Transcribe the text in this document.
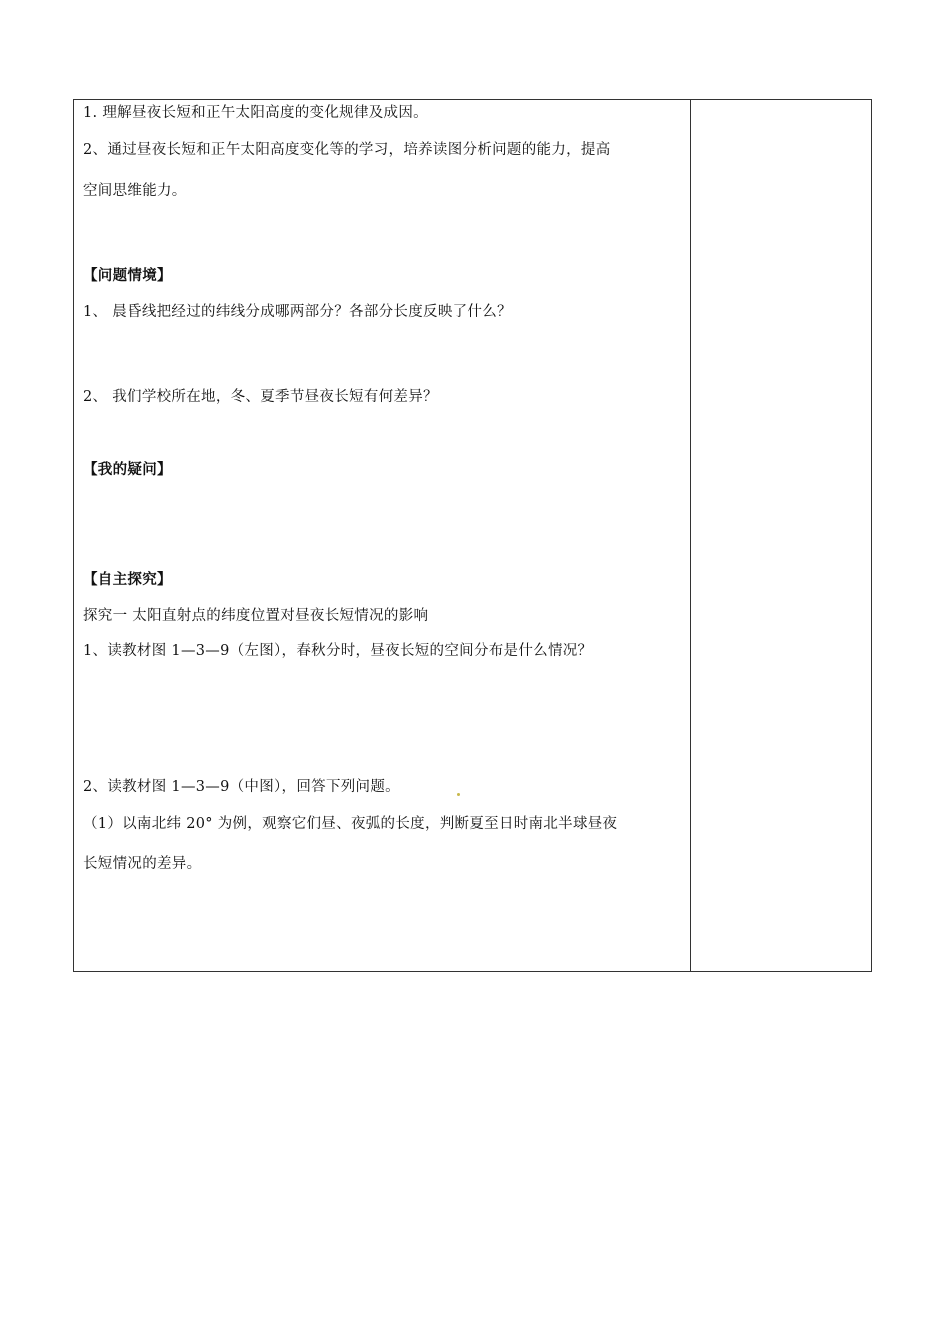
1. 理解昼夜长短和正午太阳高度的变化规律及成因。
2、通过昼夜长短和正午太阳高度变化等的学习，培养读图分析问题的能力，提高
空间思维能力。
【问题情境】
1、 晨昏线把经过的纬线分成哪两部分？各部分长度反映了什么？
2、 我们学校所在地，冬、夏季节昼夜长短有何差异？
【我的疑问】
【自主探究】
探究一 太阳直射点的纬度位置对昼夜长短情况的影响
1、读教材图 1—3—9（左图），春秋分时，昼夜长短的空间分布是什么情况？
2、读教材图 1—3—9（中图），回答下列问题。
（1）以南北纬 20° 为例，观察它们昼、夜弧的长度，判断夏至日时南北半球昼夜
长短情况的差异。
